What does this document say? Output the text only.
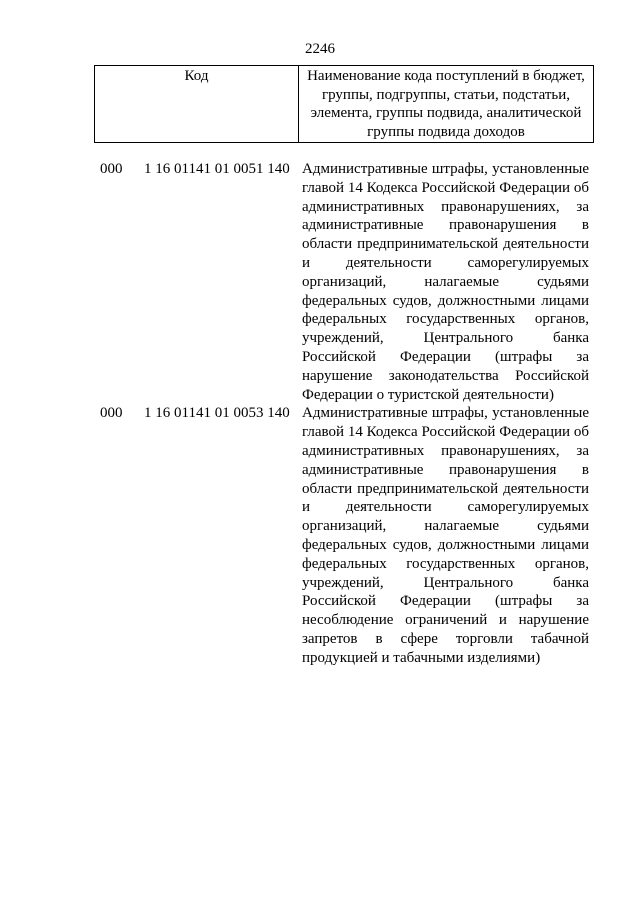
2246
Код	Наименование кода поступлений в бюджет, группы, подгруппы, статьи, подстатьи, элемента, группы подвида, аналитической группы подвида доходов
000	1 16 01141 01 0051 140 Административные штрафы, установленные главой 14 Кодекса Российской Федерации об административных правонарушениях, за административные правонарушения в области предпринимательской деятельности и деятельности саморегулируемых организаций, налагаемые судьями федеральных судов, должностными лицами федеральных государственных органов, учреждений, Центрального банка Российской Федерации (штрафы за нарушение законодательства Российской Федерации о туристской деятельности)
000	1 16 01141 01 0053 140 Административные штрафы, установленные главой 14 Кодекса Российской Федерации об административных правонарушениях, за административные правонарушения в области предпринимательской деятельности и деятельности саморегулируемых организаций, налагаемые судьями федеральных судов, должностными лицами федеральных государственных органов, учреждений, Центрального банка Российской Федерации (штрафы за несоблюдение ограничений и нарушение запретов в сфере торговли табачной продукцией и табачными изделиями)
